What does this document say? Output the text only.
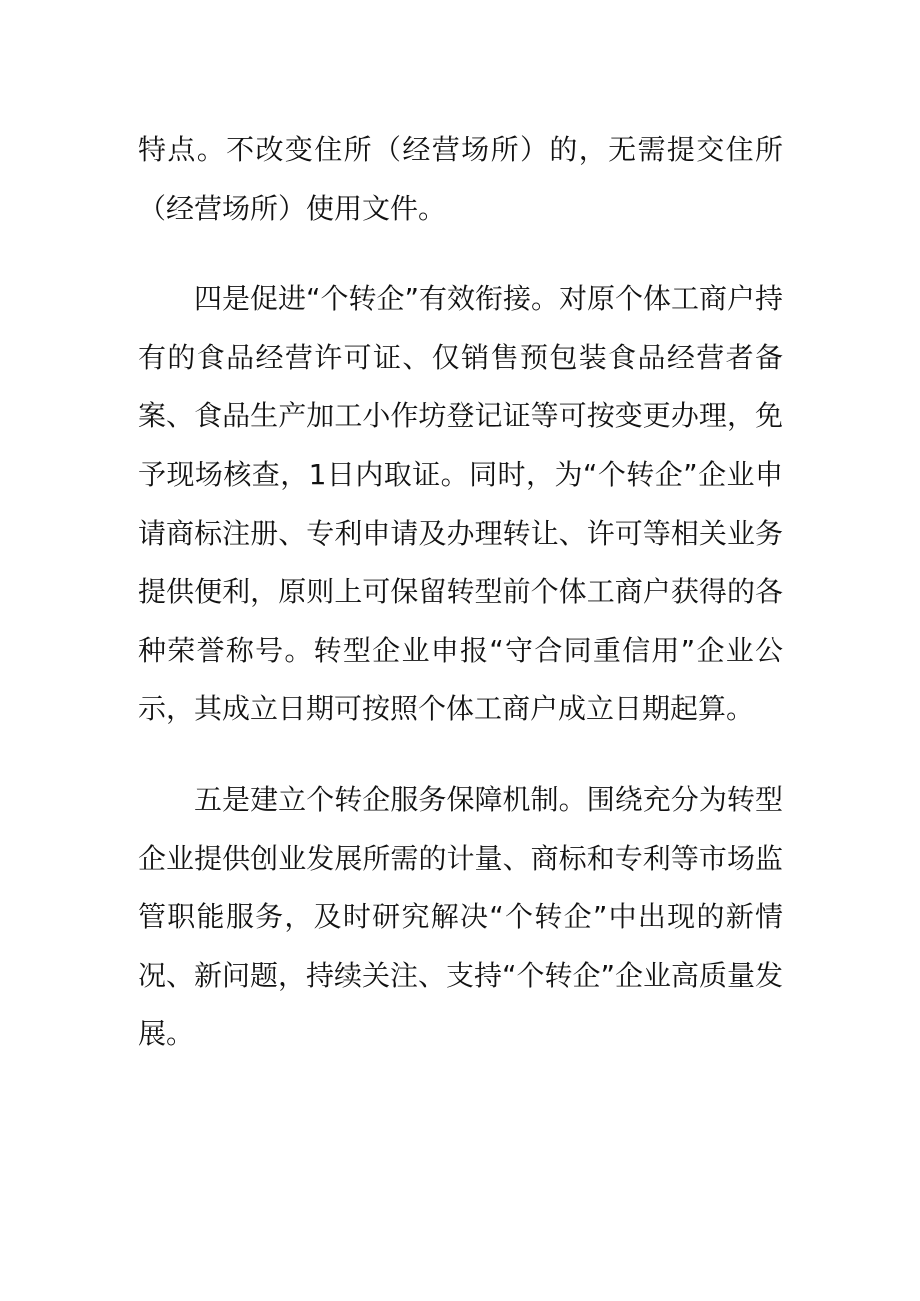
特点。不改变住所（经营场所）的，无需提交住所（经营场所）使用文件。

四是促进“个转企”有效衔接。对原个体工商户持有的食品经营许可证、仅销售预包装食品经营者备案、食品生产加工小作坊登记证等可按变更办理，免予现场核查，1日内取证。同时，为“个转企”企业申请商标注册、专利申请及办理转让、许可等相关业务提供便利，原则上可保留转型前个体工商户获得的各种荣誉称号。转型企业申报“守合同重信用”企业公示，其成立日期可按照个体工商户成立日期起算。

五是建立个转企服务保障机制。围绕充分为转型企业提供创业发展所需的计量、商标和专利等市场监管职能服务，及时研究解决“个转企”中出现的新情况、新问题，持续关注、支持“个转企”企业高质量发展。
